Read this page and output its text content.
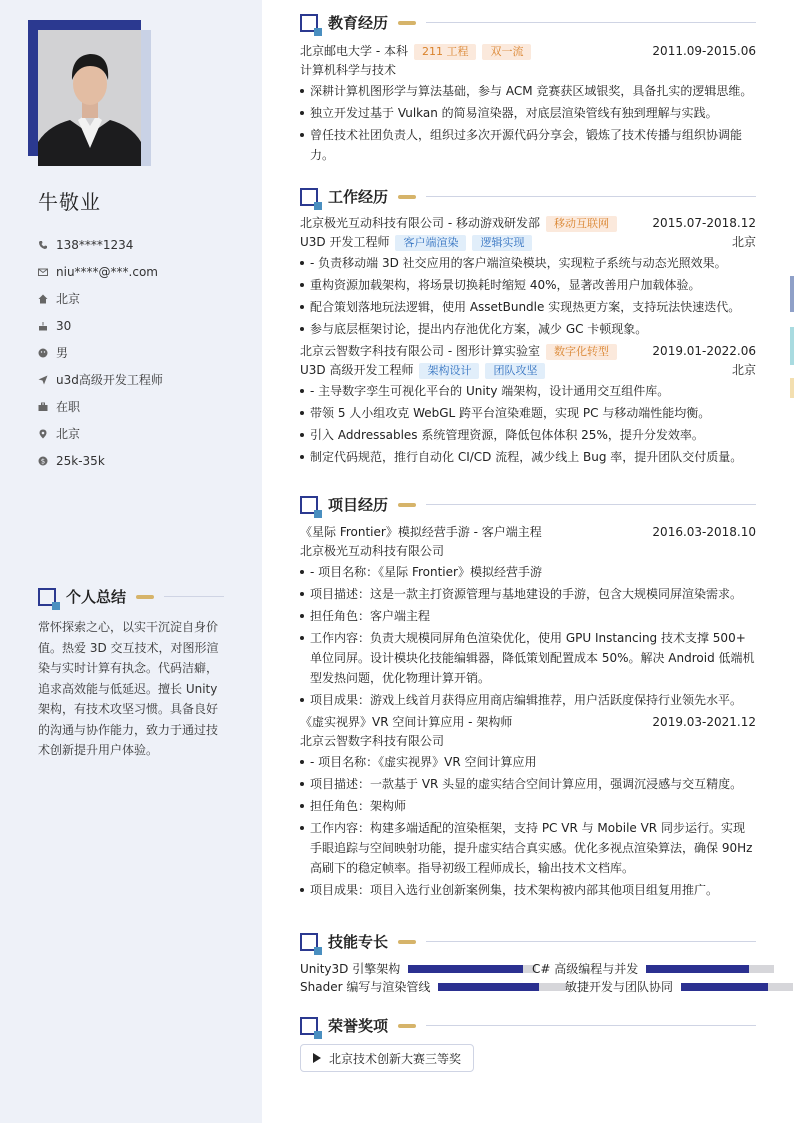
牛敬业
138****1234
niu****@***.com
北京
30
男
u3d高级开发工程师
在职
北京
$ 25k-35k
个人总结
常怀探索之心，以实干沉淀自身价值。热爱 3D 交互技术，对图形渲染与实时计算有执念。代码洁癖，追求高效能与低延迟。擅长 Unity 架构，有技术攻坚习惯。具备良好的沟通与协作能力，致力于通过技术创新提升用户体验。
教育经历
北京邮电大学 - 本科 211 工程 双一流	2011.09-2015.06
计算机科学与技术
深耕计算机图形学与算法基础，参与 ACM 竞赛获区域银奖，具备扎实的逻辑思维。
独立开发过基于 Vulkan 的简易渲染器，对底层渲染管线有独到理解与实践。
曾任技术社团负责人，组织过多次开源代码分享会，锻炼了技术传播与组织协调能力。
工作经历
北京极光互动科技有限公司 - 移动游戏研发部 移动互联网	2015.07-2018.12
U3D 开发工程师 客户端渲染 逻辑实现	北京
- 负责移动端 3D 社交应用的客户端渲染模块，实现粒子系统与动态光照效果。
重构资源加载架构，将场景切换耗时缩短 40%，显著改善用户加载体验。
配合策划落地玩法逻辑，使用 AssetBundle 实现热更方案，支持玩法快速迭代。
参与底层框架讨论，提出内存池优化方案，减少 GC 卡顿现象。
北京云智数字科技有限公司 - 图形计算实验室 数字化转型	2019.01-2022.06
U3D 高级开发工程师 架构设计 团队攻坚	北京
- 主导数字孪生可视化平台的 Unity 端架构，设计通用交互组件库。
带领 5 人小组攻克 WebGL 跨平台渲染难题，实现 PC 与移动端性能均衡。
引入 Addressables 系统管理资源，降低包体体积 25%，提升分发效率。
制定代码规范，推行自动化 CI/CD 流程，减少线上 Bug 率，提升团队交付质量。
项目经历
《星际 Frontier》模拟经营手游 - 客户端主程	2016.03-2018.10
北京极光互动科技有限公司
- 项目名称：《星际 Frontier》模拟经营手游
项目描述：这是一款主打资源管理与基地建设的手游，包含大规模同屏渲染需求。
担任角色：客户端主程
工作内容：负责大规模同屏角色渲染优化，使用 GPU Instancing 技术支撑 500+ 单位同屏。设计模块化技能编辑器，降低策划配置成本 50%。解决 Android 低端机型发热问题，优化物理计算开销。
项目成果：游戏上线首月获得应用商店编辑推荐，用户活跃度保持行业领先水平。
《虚实视界》VR 空间计算应用 - 架构师	2019.03-2021.12
北京云智数字科技有限公司
- 项目名称：《虚实视界》VR 空间计算应用
项目描述：一款基于 VR 头显的虚实结合空间计算应用，强调沉浸感与交互精度。
担任角色：架构师
工作内容：构建多端适配的渲染框架，支持 PC VR 与 Mobile VR 同步运行。实现手眼追踪与空间映射功能，提升虚实结合真实感。优化多视点渲染算法，确保 90Hz 高刷下的稳定帧率。指导初级工程师成长，输出技术文档库。
项目成果：项目入选行业创新案例集，技术架构被内部其他项目组复用推广。
技能专长
Unity3D 引擎架构	C# 高级编程与并发
Shader 编写与渲染管线	敏捷开发与团队协同
荣誉奖项
北京技术创新大赛三等奖
